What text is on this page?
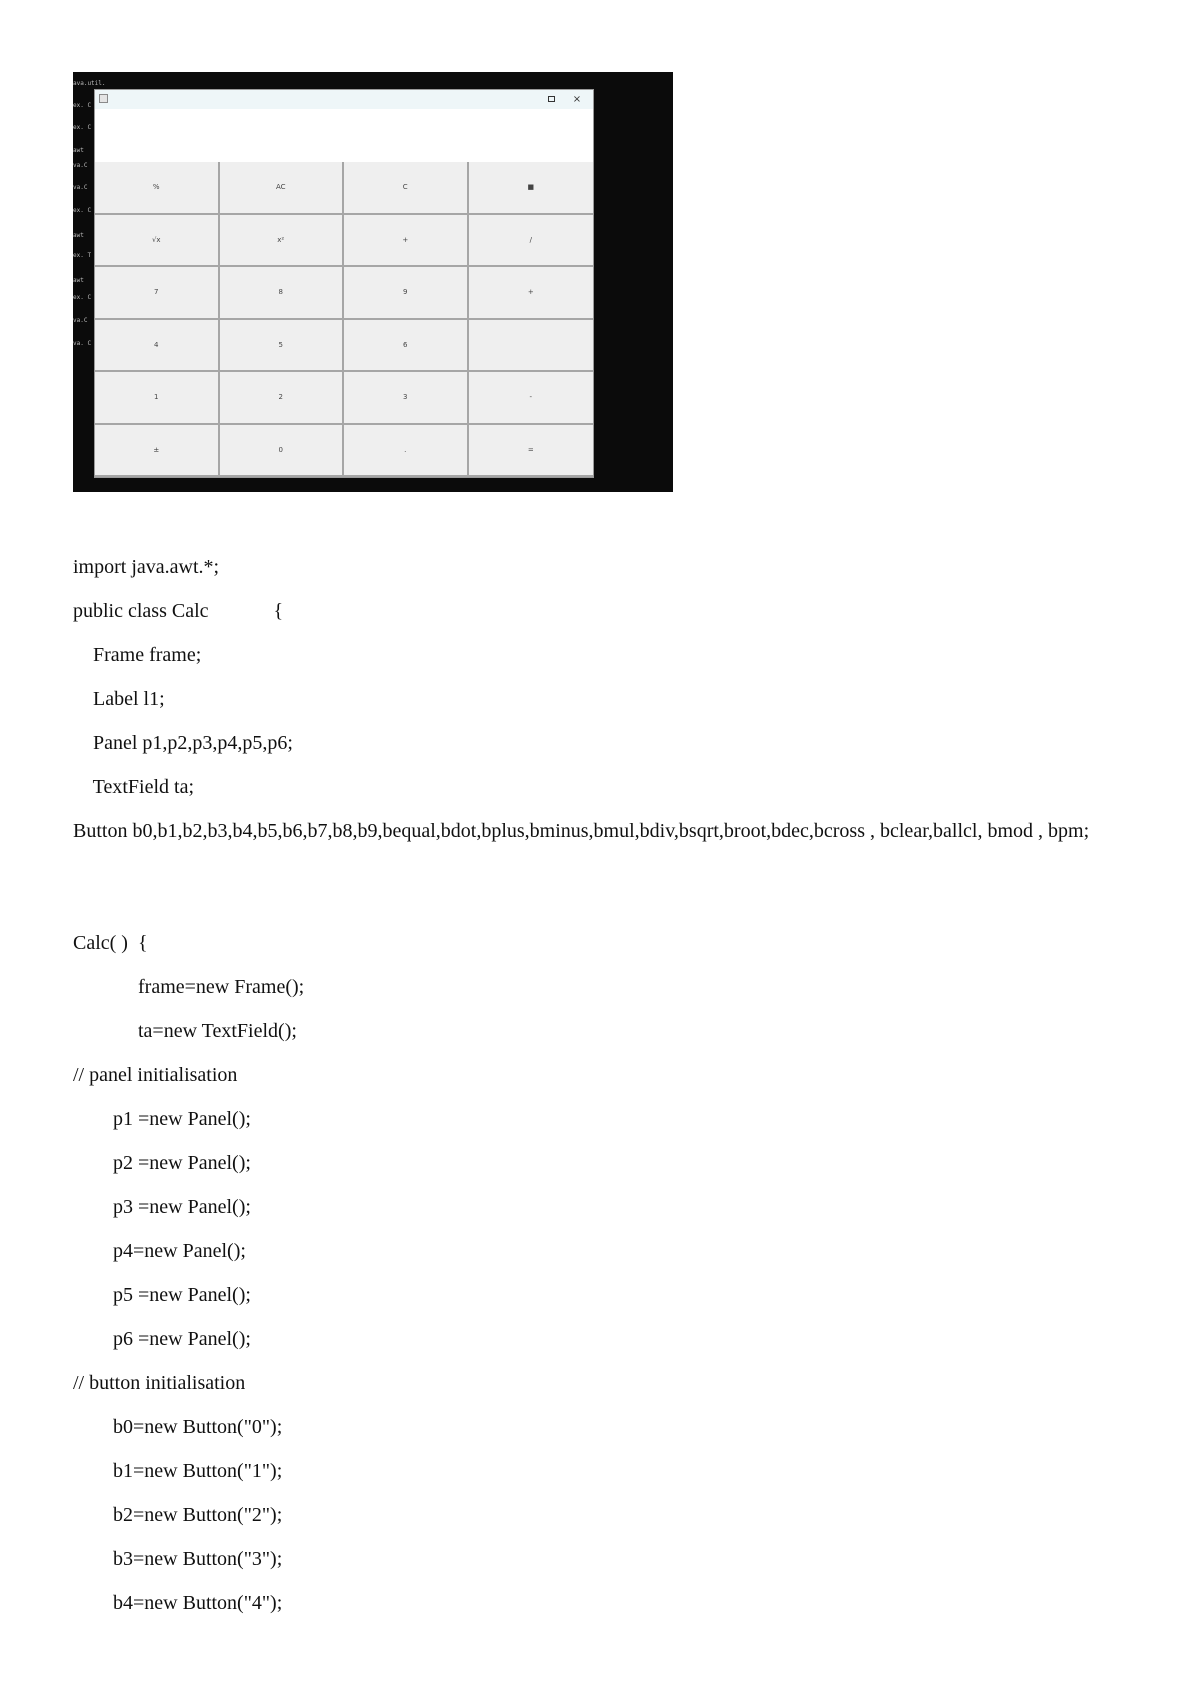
ava.util.
ex. C
ex. C
awt
va.C
va.C
ex. C
awt
ex. T
awt
ex. C
va.C
va. C
×
%	AC	C	■
√x	x²	+	/
7	8	9	+
4	5	6
1	2	3	-
±	0	.	=
import java.awt.*;
public class Calc             {
Frame frame;
Label l1;
Panel p1,p2,p3,p4,p5,p6;
TextField ta;
Button b0,b1,b2,b3,b4,b5,b6,b7,b8,b9,bequal,bdot,bplus,bminus,bmul,bdiv,bsqrt,broot,bdec,bcross , bclear,ballcl, bmod , bpm;
Calc( )  {
frame=new Frame();
ta=new TextField();
// panel initialisation
p1 =new Panel();
p2 =new Panel();
p3 =new Panel();
p4=new Panel();
p5 =new Panel();
p6 =new Panel();
// button initialisation
b0=new Button("0");
b1=new Button("1");
b2=new Button("2");
b3=new Button("3");
b4=new Button("4");
